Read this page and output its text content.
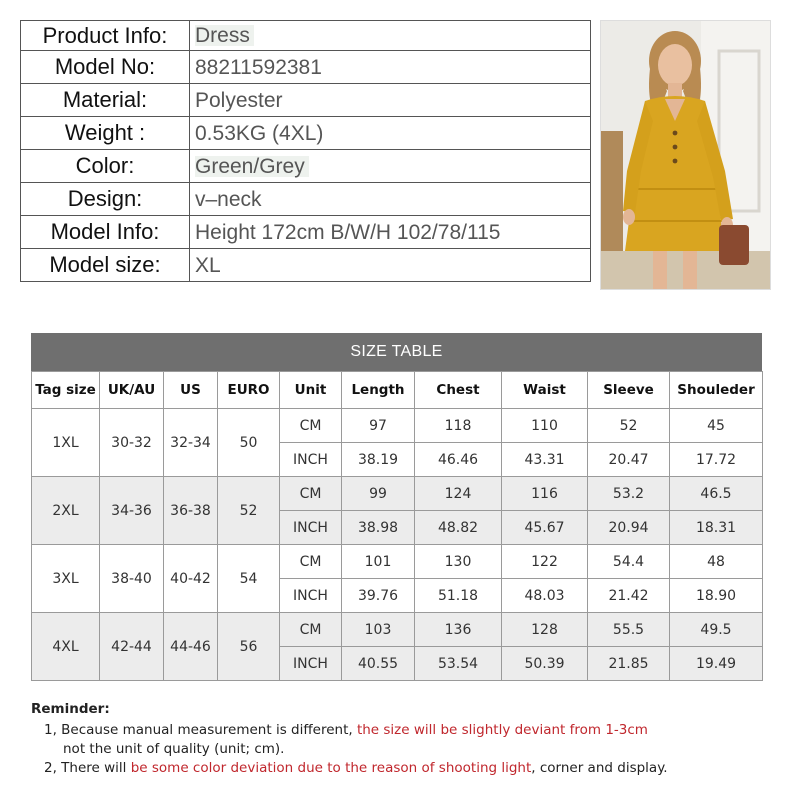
Product Info:	Dress
Model No:	88211592381
Material:	Polyester
Weight :	0.53KG (4XL)
Color:	Green/Grey
Design:	v–neck
Model Info:	Height 172cm B/W/H 102/78/115
Model size:	XL
SIZE TABLE
Tag size	UK/AU	US	EURO	Unit	Length	Chest	Waist	Sleeve	Shouleder
1XL	30-32	32-34	50	CM	97	118	110	52	45
				INCH	38.19	46.46	43.31	20.47	17.72
2XL	34-36	36-38	52	CM	99	124	116	53.2	46.5
				INCH	38.98	48.82	45.67	20.94	18.31
3XL	38-40	40-42	54	CM	101	130	122	54.4	48
				INCH	39.76	51.18	48.03	21.42	18.90
4XL	42-44	44-46	56	CM	103	136	128	55.5	49.5
				INCH	40.55	53.54	50.39	21.85	19.49
Reminder:
1, Because manual measurement is different, the size will be slightly deviant from 1-3cm
not the unit of quality (unit; cm).
2, There will be some color deviation due to the reason of shooting light, corner and display.
